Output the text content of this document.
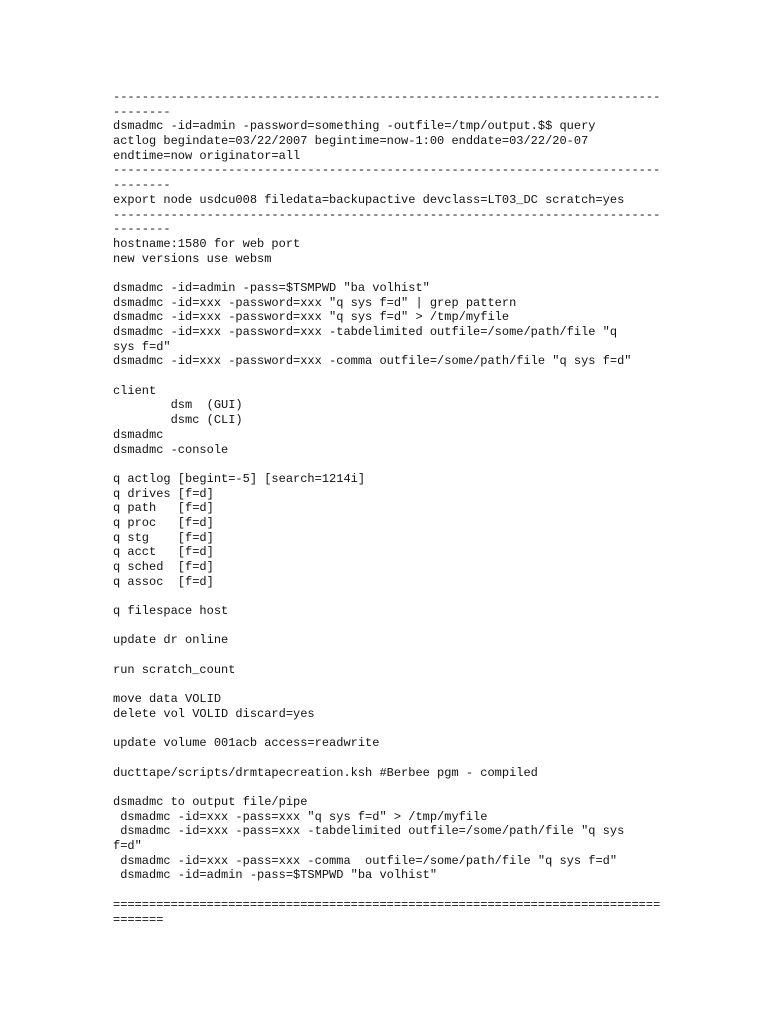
----------------------------------------------------------------------------
--------
dsmadmc -id=admin -password=something -outfile=/tmp/output.$$ query
actlog begindate=03/22/2007 begintime=now-1:00 enddate=03/22/20-07
endtime=now originator=all
----------------------------------------------------------------------------
--------
export node usdcu008 filedata=backupactive devclass=LT03_DC scratch=yes
----------------------------------------------------------------------------
--------
hostname:1580 for web port
new versions use websm
dsmadmc -id=admin -pass=$TSMPWD "ba volhist"
dsmadmc -id=xxx -password=xxx "q sys f=d" | grep pattern
dsmadmc -id=xxx -password=xxx "q sys f=d" > /tmp/myfile
dsmadmc -id=xxx -password=xxx -tabdelimited outfile=/some/path/file "q
sys f=d"
dsmadmc -id=xxx -password=xxx -comma outfile=/some/path/file "q sys f=d"
client
dsm  (GUI)
dsmc (CLI)
dsmadmc
dsmadmc -console
q actlog [begint=-5] [search=1214i]
q drives [f=d]
q path   [f=d]
q proc   [f=d]
q stg    [f=d]
q acct   [f=d]
q sched  [f=d]
q assoc  [f=d]
q filespace host
update dr online
run scratch_count
move data VOLID
delete vol VOLID discard=yes
update volume 001acb access=readwrite
ducttape/scripts/drmtapecreation.ksh #Berbee pgm - compiled
dsmadmc to output file/pipe
dsmadmc -id=xxx -pass=xxx "q sys f=d" > /tmp/myfile
dsmadmc -id=xxx -pass=xxx -tabdelimited outfile=/some/path/file "q sys
f=d"
dsmadmc -id=xxx -pass=xxx -comma  outfile=/some/path/file "q sys f=d"
dsmadmc -id=admin -pass=$TSMPWD "ba volhist"
============================================================================
=======
